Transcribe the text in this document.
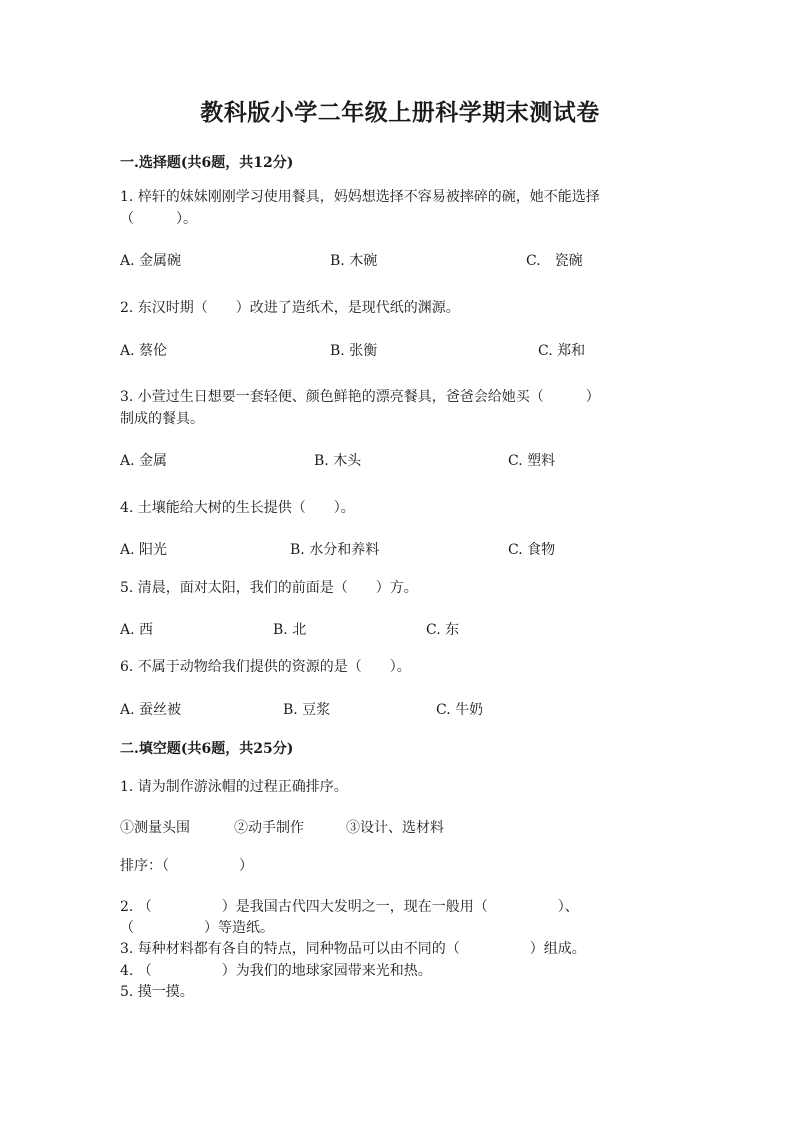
教科版小学二年级上册科学期末测试卷
一.选择题(共6题，共12分)
1. 梓轩的妹妹刚刚学习使用餐具，妈妈想选择不容易被摔碎的碗，她不能选择
（　　　）。
A. 金属碗	B. 木碗	C.　瓷碗
2. 东汉时期（　　）改进了造纸术，是现代纸的渊源。
A. 蔡伦	B. 张衡	C. 郑和
3. 小萱过生日想要一套轻便、颜色鲜艳的漂亮餐具，爸爸会给她买（　　　）
制成的餐具。
A. 金属	B. 木头	C. 塑料
4. 土壤能给大树的生长提供（　　）。
A. 阳光	B. 水分和养料	C. 食物
5. 清晨，面对太阳，我们的前面是（　　）方。
A. 西	B. 北	C. 东
6. 不属于动物给我们提供的资源的是（　　）。
A. 蚕丝被	B. 豆浆	C. 牛奶
二.填空题(共6题，共25分)
1. 请为制作游泳帽的过程正确排序。
①测量头围	②动手制作	③设计、选材料
排序：（　　　　　）
2. （　　　　　）是我国古代四大发明之一，现在一般用（　　　　　）、
（　　　　　）等造纸。
3. 每种材料都有各自的特点，同种物品可以由不同的（　　　　　）组成。
4. （　　　　　）为我们的地球家园带来光和热。
5. 摸一摸。
